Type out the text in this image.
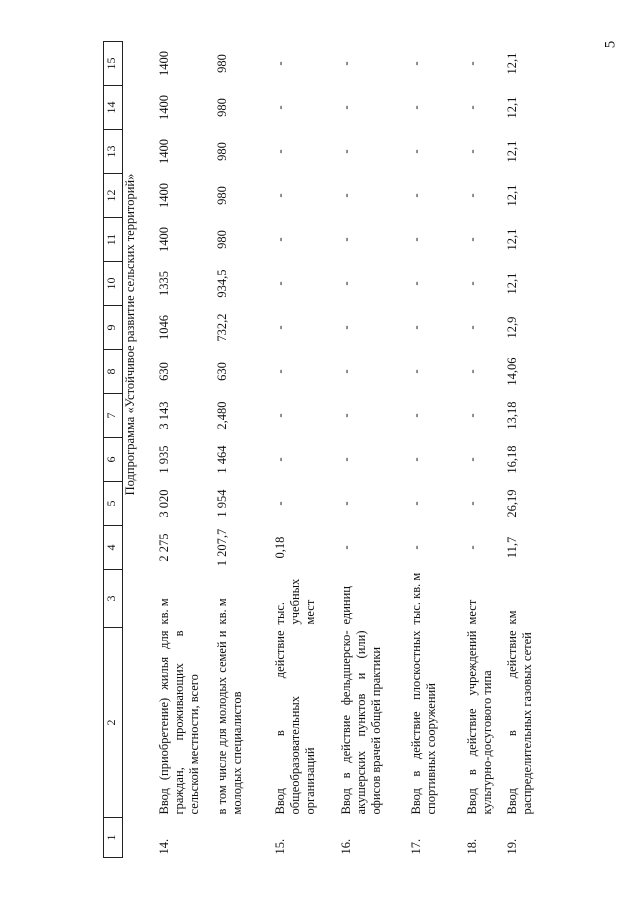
5
1	2	3	4	5	6	7	8	9	10	11	12	13	14	15
		Подпрограмма «Устойчивое развитие сельских территорий»												
14.	Ввод (приобретение) жилья для граждан, проживающих в сельской местности, всего	кв. м	2 275	3 020	1 935	3 143	630	1046	1335	1400	1400	1400	1400	1400
	в том числе для молодых семей и молодых специалистов	кв. м	1 207,7	1 954	1 464	2,480	630	732,2	934,5	980	980	980	980	980
15.	Ввод в действие общеобразовательных организаций	тыс. учебных мест	0,18	-	-	-	-	-	-	-	-	-	-	-
16.	Ввод в действие фельдшерско-акушерских пунктов и (или) офисов врачей общей практики	единиц	-	-	-	-	-	-	-	-	-	-	-	-
17.	Ввод в действие плоскостных спортивных сооружений	тыс. кв. м	-	-	-	-	-	-	-	-	-	-	-	-
18.	Ввод в действие учреждений культурно-досугового типа	мест	-	-	-	-	-	-	-	-	-	-	-	-
19.	Ввод в действие распределительных газовых сетей	км	11,7	26,19	16,18	13,18	14,06	12,9	12,1	12,1	12,1	12,1	12,1	12,1
